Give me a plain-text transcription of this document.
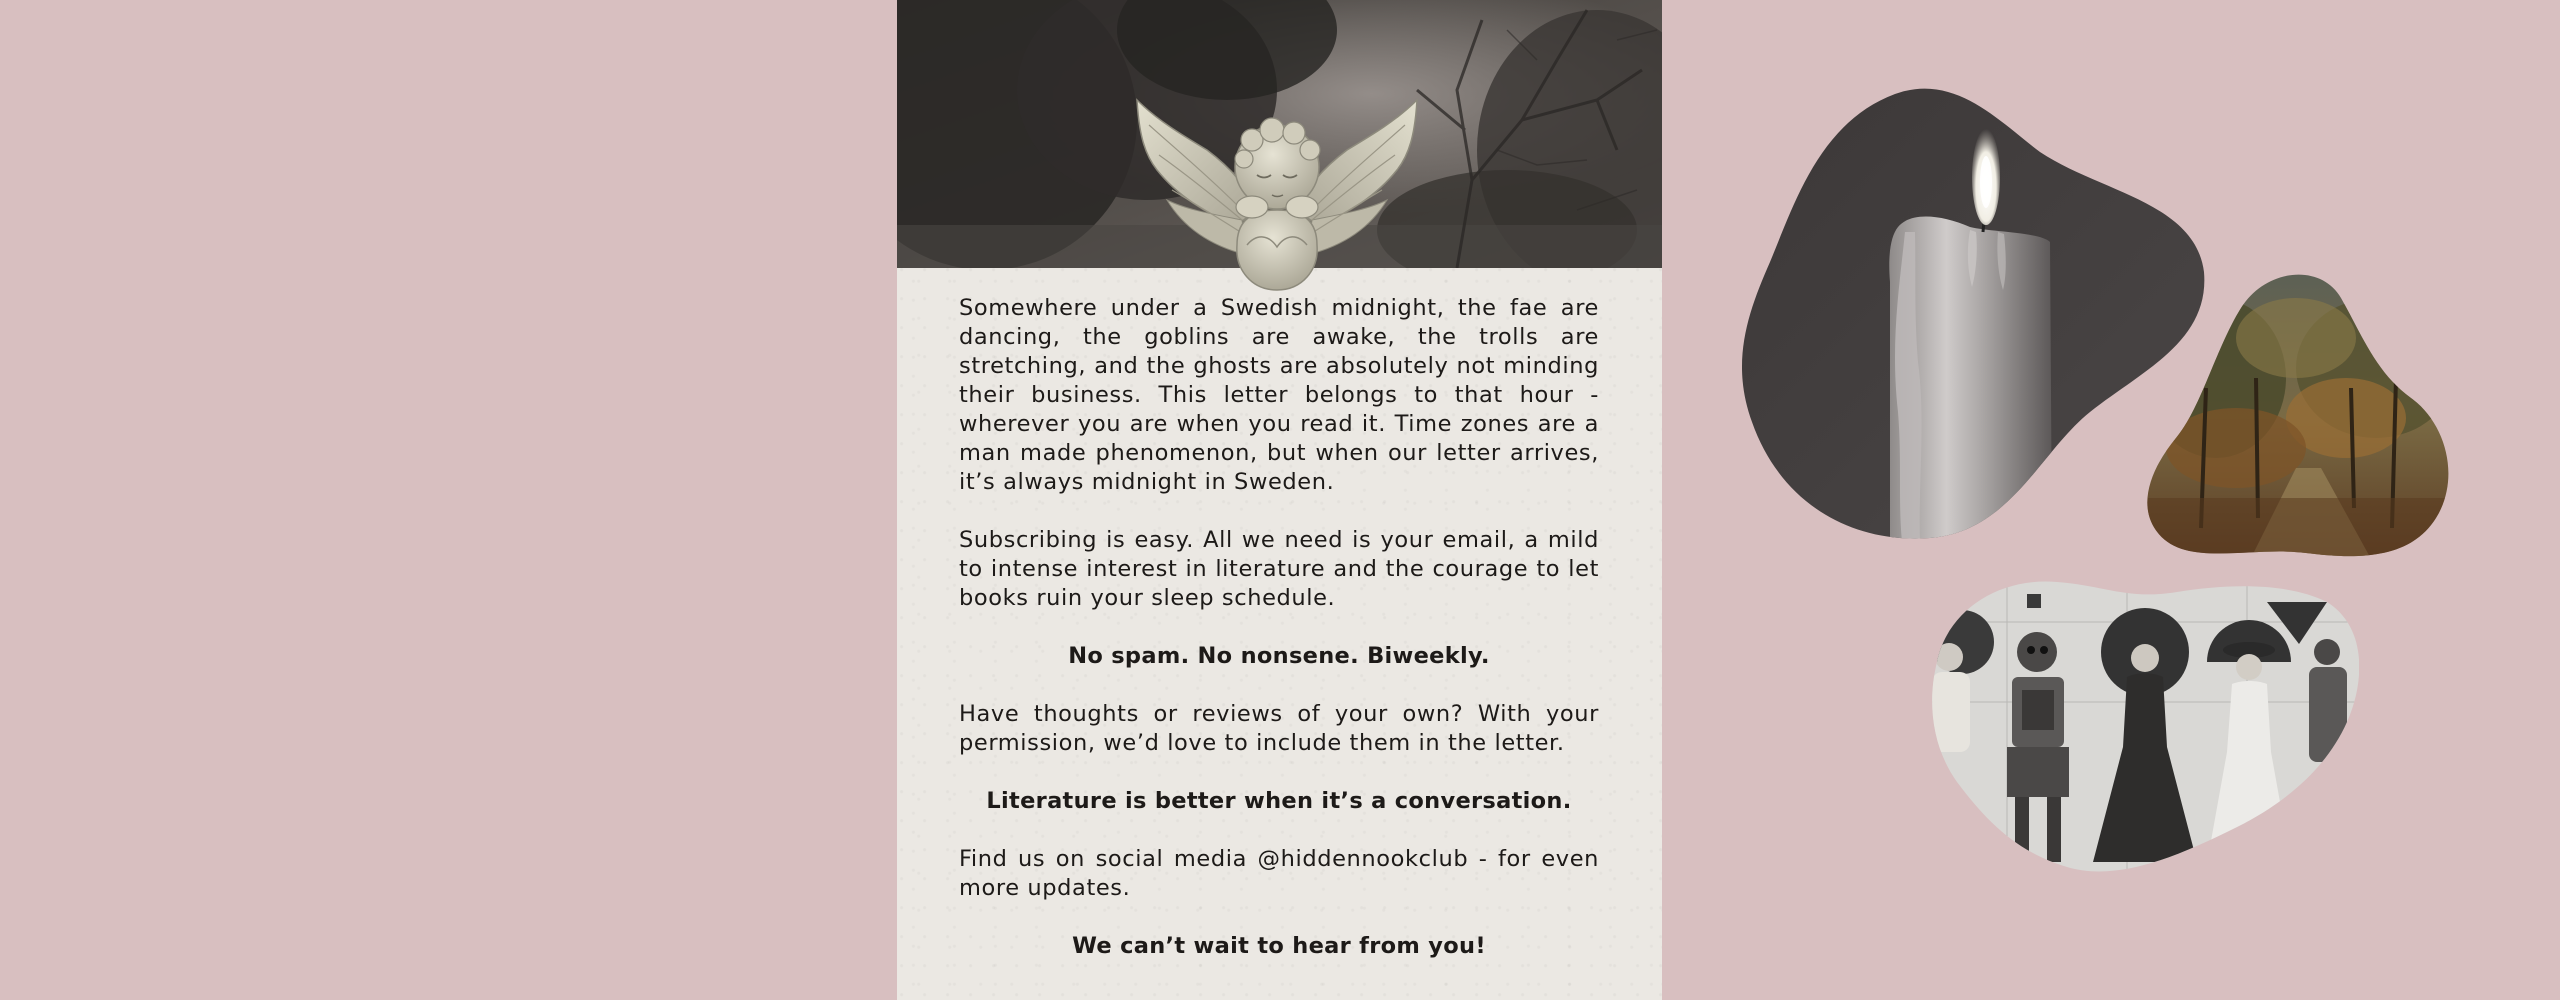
Somewhere under a Swedish midnight, the fae are dancing, the goblins are awake, the trolls are stretching, and the ghosts are absolutely not minding their business. This letter belongs to that hour - wherever you are when you read it. Time zones are a man made phenomenon, but when our letter arrives, it’s always midnight in Sweden.

Subscribing is easy. All we need is your email, a mild to intense interest in literature and the courage to let books ruin your sleep schedule.

No spam. No nonsene. Biweekly.

Have thoughts or reviews of your own? With your permission, we’d love to include them in the letter.

Literature is better when it’s a conversation.

Find us on social media @hiddennookclub - for even more updates.

We can’t wait to hear from you!
